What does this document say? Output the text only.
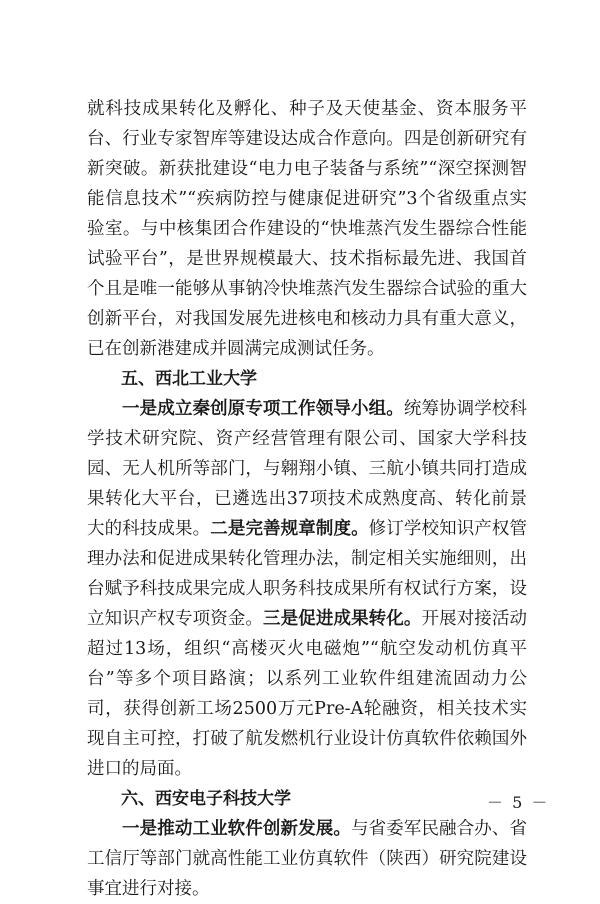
就科技成果转化及孵化、种子及天使基金、资本服务平台、行业专家智库等建设达成合作意向。四是创新研究有新突破。新获批建设“电力电子装备与系统”“深空探测智能信息技术”“疾病防控与健康促进研究”3个省级重点实验室。与中核集团合作建设的“快堆蒸汽发生器综合性能试验平台”，是世界规模最大、技术指标最先进、我国首个且是唯一能够从事钠冷快堆蒸汽发生器综合试验的重大创新平台，对我国发展先进核电和核动力具有重大意义，已在创新港建成并圆满完成测试任务。

五、西北工业大学

一是成立秦创原专项工作领导小组。统筹协调学校科学技术研究院、资产经营管理有限公司、国家大学科技园、无人机所等部门，与翱翔小镇、三航小镇共同打造成果转化大平台，已遴选出37项技术成熟度高、转化前景大的科技成果。二是完善规章制度。修订学校知识产权管理办法和促进成果转化管理办法，制定相关实施细则，出台赋予科技成果完成人职务科技成果所有权试行方案，设立知识产权专项资金。三是促进成果转化。开展对接活动超过13场，组织“高楼灭火电磁炮”“航空发动机仿真平台”等多个项目路演；以系列工业软件组建流固动力公司，获得创新工场2500万元Pre-A轮融资，相关技术实现自主可控，打破了航发燃机行业设计仿真软件依赖国外进口的局面。

六、西安电子科技大学

一是推动工业软件创新发展。与省委军民融合办、省工信厅等部门就高性能工业仿真软件（陕西）研究院建设事宜进行对接。

－ 5 －
